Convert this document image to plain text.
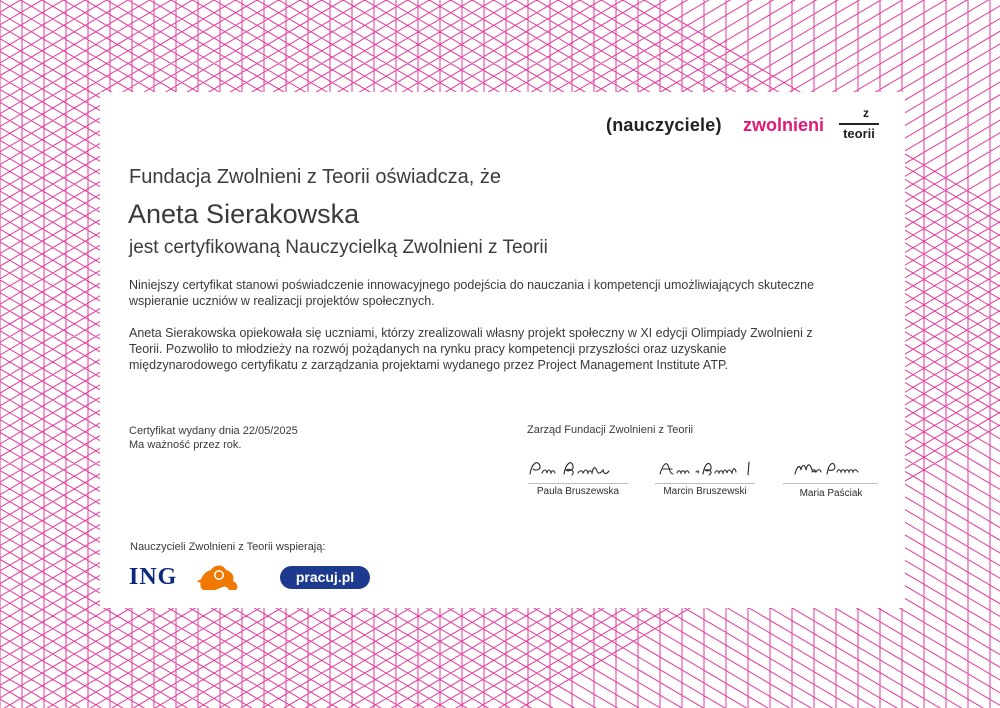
(nauczyciele) zwolnieni
z
teorii
Fundacja Zwolnieni z Teorii oświadcza, że
Aneta Sierakowska
jest certyfikowaną Nauczycielką Zwolnieni z Teorii

Niniejszy certyfikat stanowi poświadczenie innowacyjnego podejścia do nauczania i kompetencji umożliwiających skuteczne wspieranie uczniów w realizacji projektów społecznych.

Aneta Sierakowska opiekowała się uczniami, którzy zrealizowali własny projekt społeczny w XI edycji Olimpiady Zwolnieni z Teorii. Pozwoliło to młodzieży na rozwój pożądanych na rynku pracy kompetencji przyszłości oraz uzyskanie międzynarodowego certyfikatu z zarządzania projektami wydanego przez Project Management Institute ATP.

Certyfikat wydany dnia 22/05/2025
Ma ważność przez rok.
Zarząd Fundacji Zwolnieni z Teorii
Paula Bruszewska	Marcin Bruszewski	Maria Paściak
Nauczycieli Zwolnieni z Teorii wspierają:
ING	pracuj.pl
